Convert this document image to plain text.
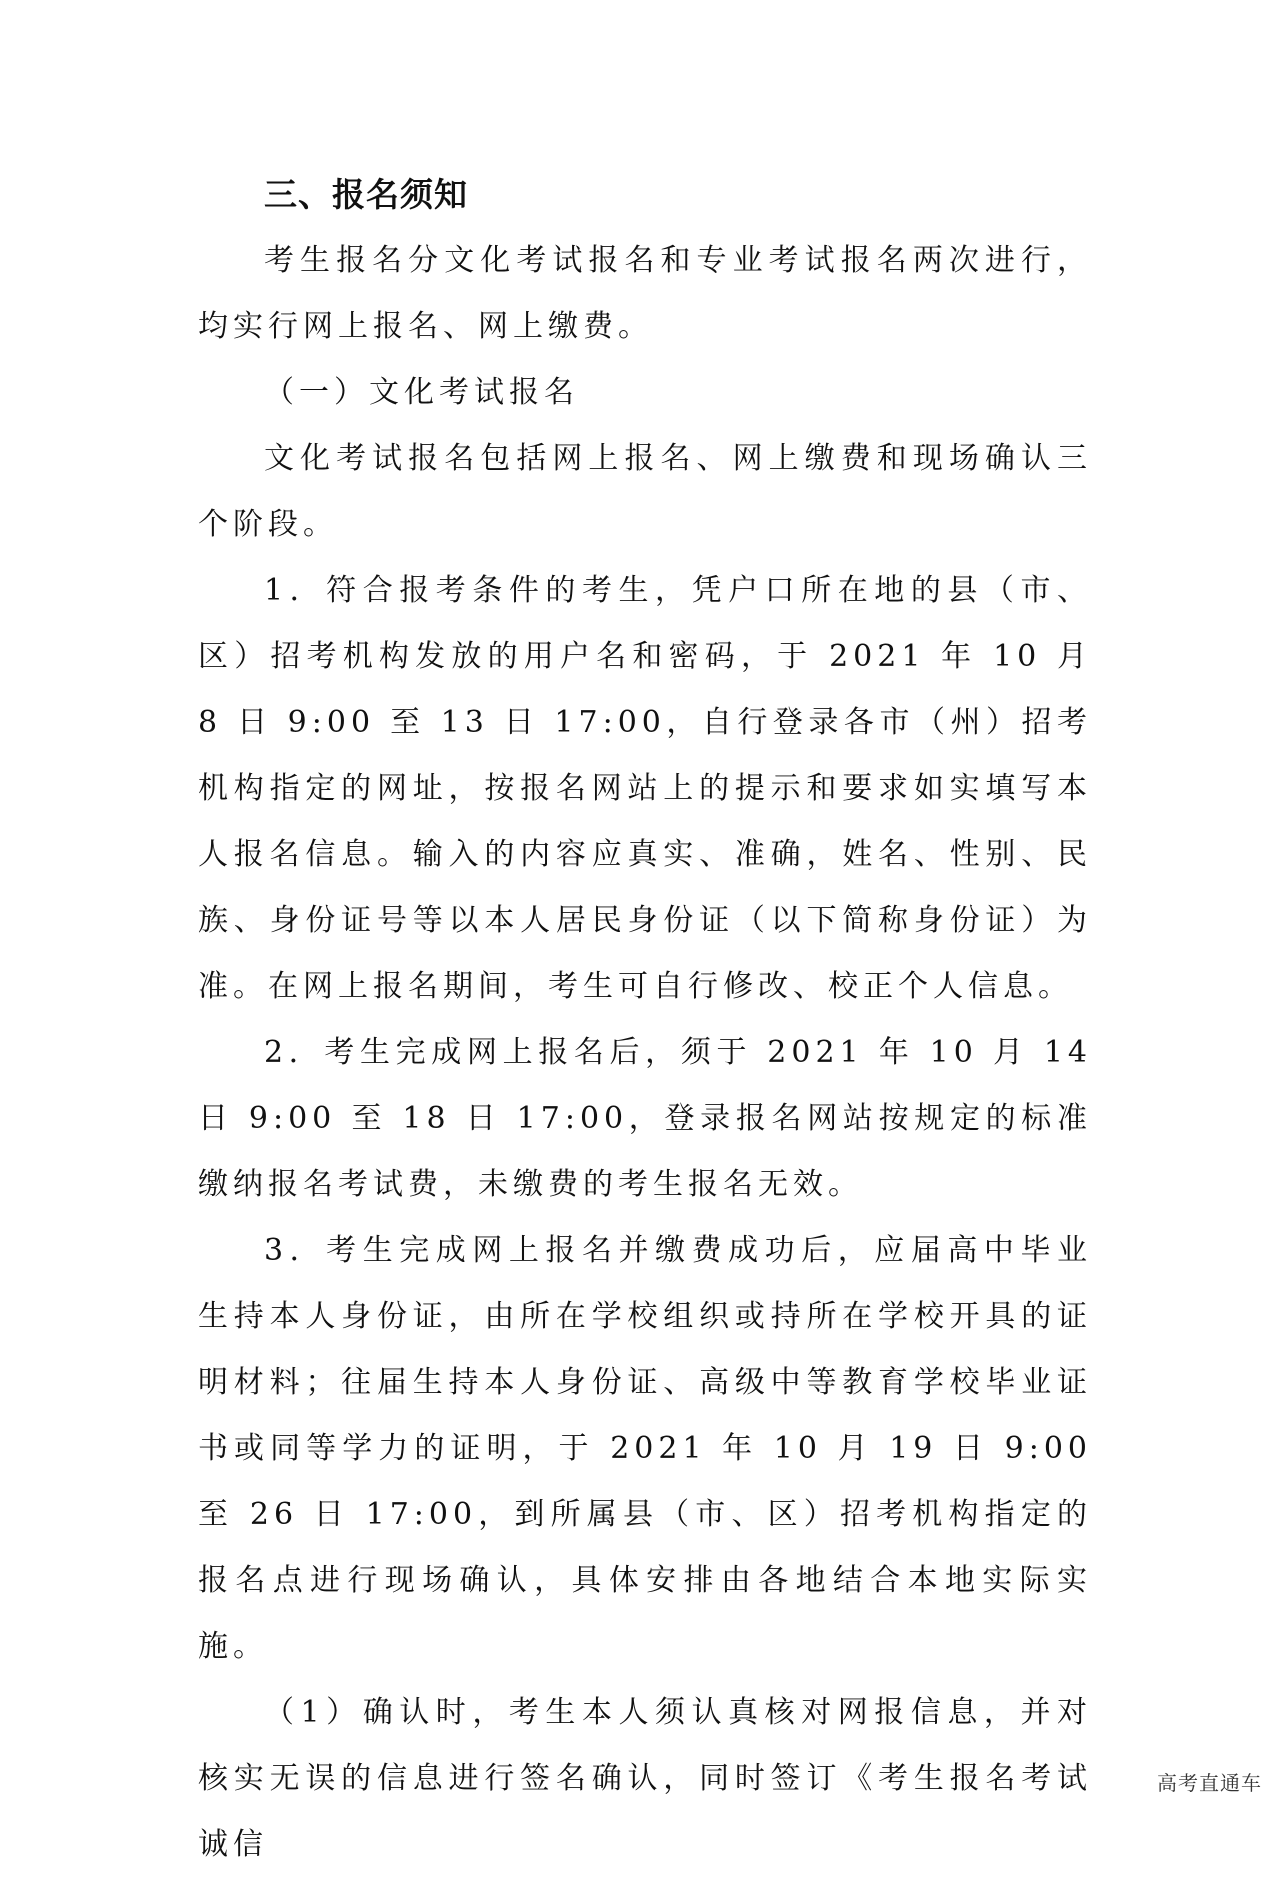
三、报名须知

考生报名分文化考试报名和专业考试报名两次进行，均实行网上报名、网上缴费。

（一）文化考试报名

文化考试报名包括网上报名、网上缴费和现场确认三个阶段。

1．符合报考条件的考生，凭户口所在地的县（市、区）招考机构发放的用户名和密码，于 2021 年 10 月 8 日 9:00 至 13 日 17:00，自行登录各市（州）招考机构指定的网址，按报名网站上的提示和要求如实填写本人报名信息。输入的内容应真实、准确，姓名、性别、民族、身份证号等以本人居民身份证（以下简称身份证）为准。在网上报名期间，考生可自行修改、校正个人信息。

2．考生完成网上报名后，须于 2021 年 10 月 14 日 9:00 至 18 日 17:00，登录报名网站按规定的标准缴纳报名考试费，未缴费的考生报名无效。

3．考生完成网上报名并缴费成功后，应届高中毕业生持本人身份证，由所在学校组织或持所在学校开具的证明材料；往届生持本人身份证、高级中等教育学校毕业证书或同等学力的证明，于 2021 年 10 月 19 日 9:00 至 26 日 17:00，到所属县（市、区）招考机构指定的报名点进行现场确认，具体安排由各地结合本地实际实施。

（1）确认时，考生本人须认真核对网报信息，并对核实无误的信息进行签名确认，同时签订《考生报名考试诚信

高考直通车
